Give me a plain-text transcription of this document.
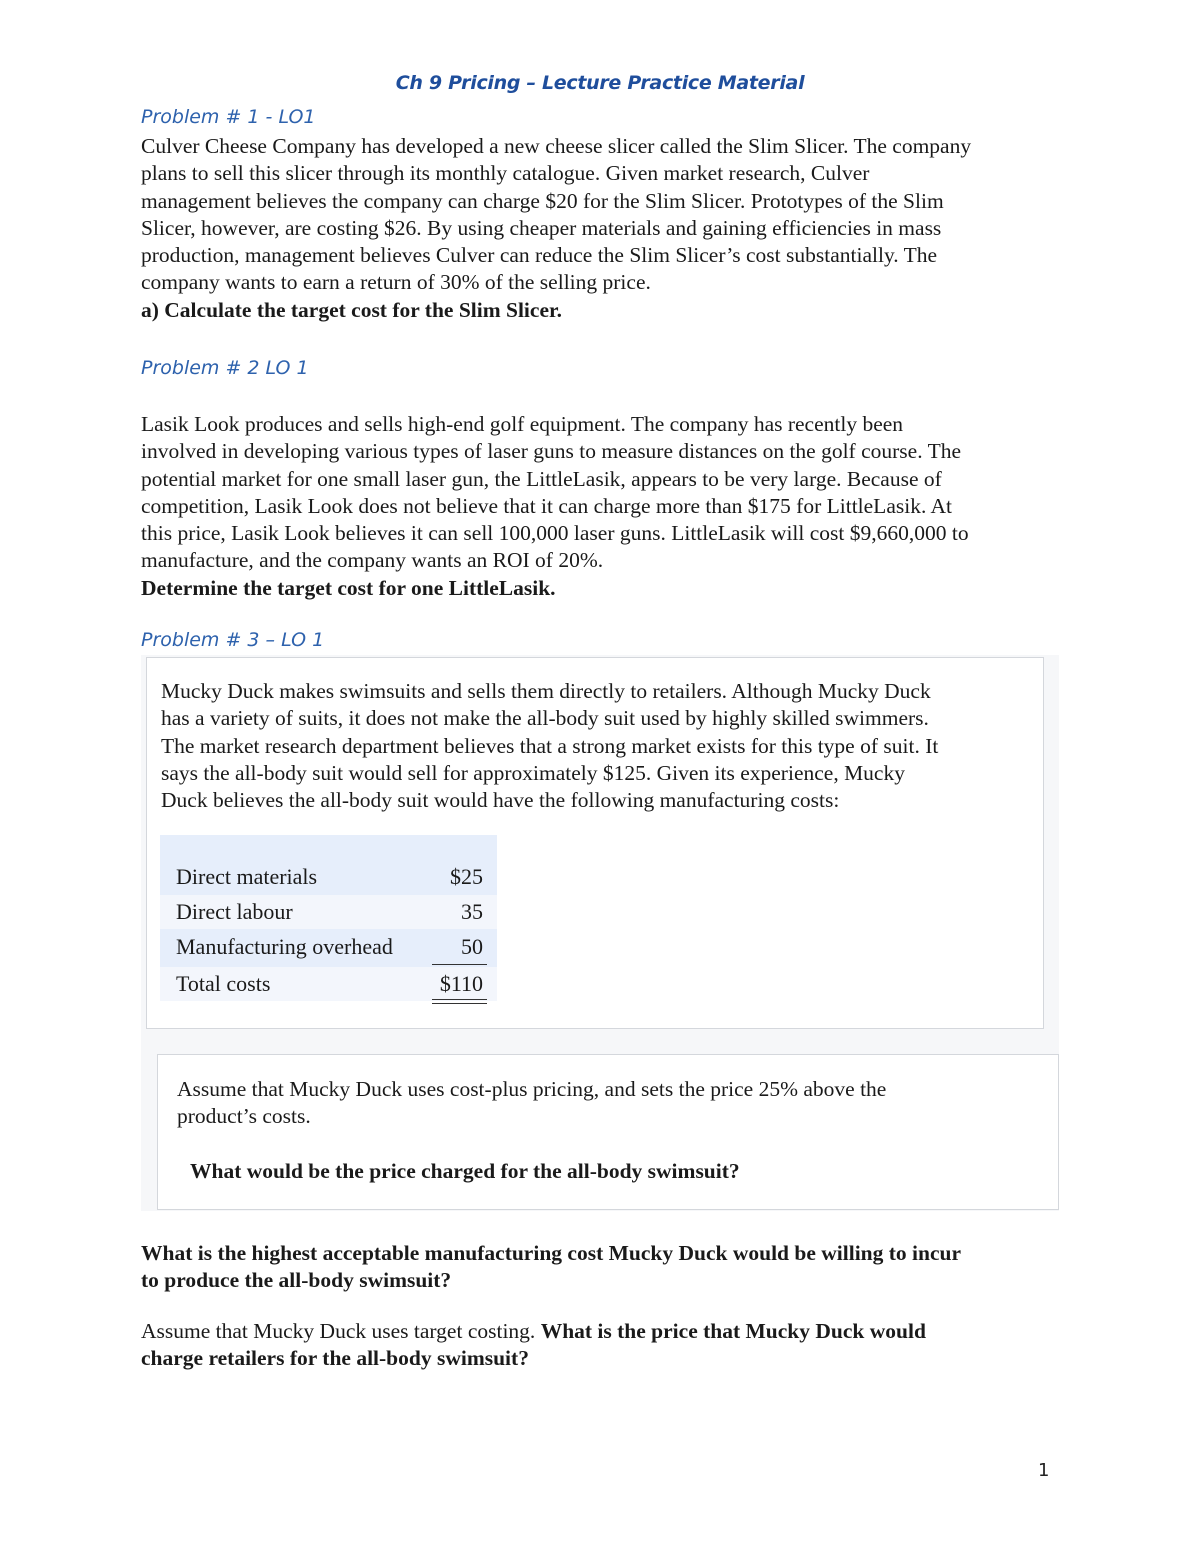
Ch 9 Pricing – Lecture Practice Material
Problem # 1 - LO1
Culver Cheese Company has developed a new cheese slicer called the Slim Slicer. The company
plans to sell this slicer through its monthly catalogue. Given market research, Culver
management believes the company can charge $20 for the Slim Slicer. Prototypes of the Slim
Slicer, however, are costing $26. By using cheaper materials and gaining efficiencies in mass
production, management believes Culver can reduce the Slim Slicer’s cost substantially. The
company wants to earn a return of 30% of the selling price.
a) Calculate the target cost for the Slim Slicer.
Problem # 2 LO 1
Lasik Look produces and sells high-end golf equipment. The company has recently been
involved in developing various types of laser guns to measure distances on the golf course. The
potential market for one small laser gun, the LittleLasik, appears to be very large. Because of
competition, Lasik Look does not believe that it can charge more than $175 for LittleLasik. At
this price, Lasik Look believes it can sell 100,000 laser guns. LittleLasik will cost $9,660,000 to
manufacture, and the company wants an ROI of 20%.
Determine the target cost for one LittleLasik.
Problem # 3 – LO 1
Mucky Duck makes swimsuits and sells them directly to retailers. Although Mucky Duck
has a variety of suits, it does not make the all-body suit used by highly skilled swimmers.
The market research department believes that a strong market exists for this type of suit. It
says the all-body suit would sell for approximately $125. Given its experience, Mucky
Duck believes the all-body suit would have the following manufacturing costs:
Direct materials	$25
Direct labour	35
Manufacturing overhead	50
Total costs	$110
Assume that Mucky Duck uses cost-plus pricing, and sets the price 25% above the
product’s costs.
What would be the price charged for the all-body swimsuit?
What is the highest acceptable manufacturing cost Mucky Duck would be willing to incur
to produce the all-body swimsuit?
Assume that Mucky Duck uses target costing. What is the price that Mucky Duck would
charge retailers for the all-body swimsuit?
1
